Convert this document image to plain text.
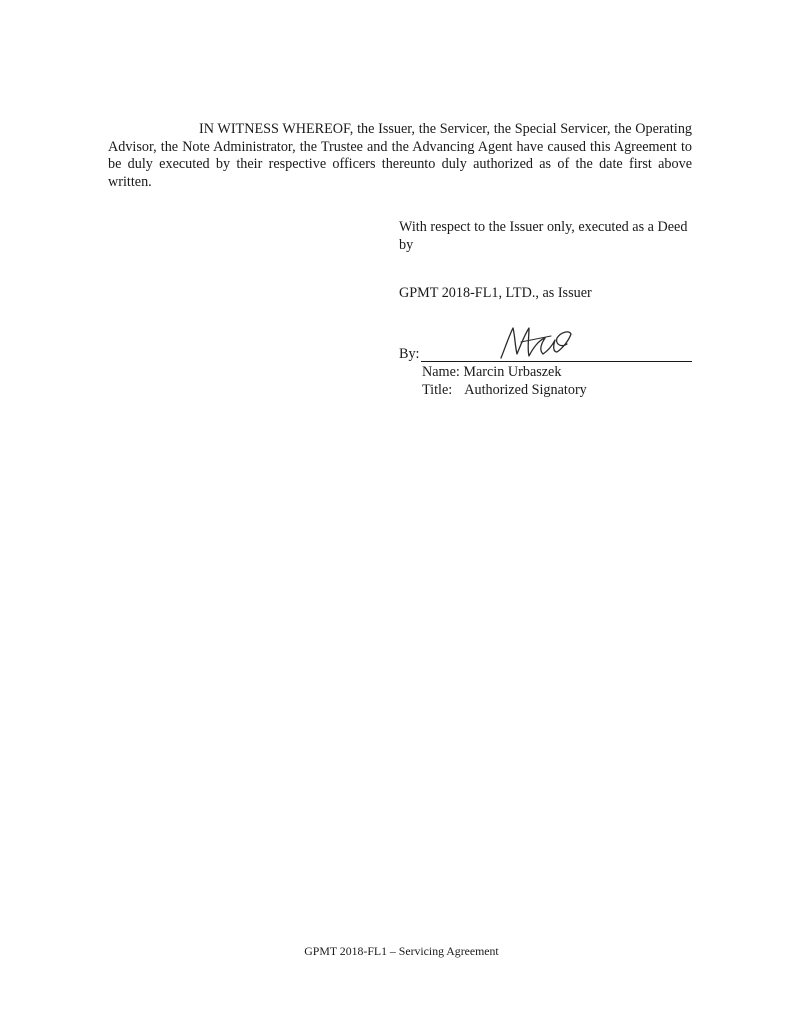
IN WITNESS WHEREOF, the Issuer, the Servicer, the Special Servicer, the Operating Advisor, the Note Administrator, the Trustee and the Advancing Agent have caused this Agreement to be duly executed by their respective officers thereunto duly authorized as of the date first above written.

With respect to the Issuer only, executed as a Deed by
GPMT 2018-FL1, LTD., as Issuer
By:
Name: Marcin Urbaszek
Title: Authorized Signatory
GPMT 2018-FL1 – Servicing Agreement
